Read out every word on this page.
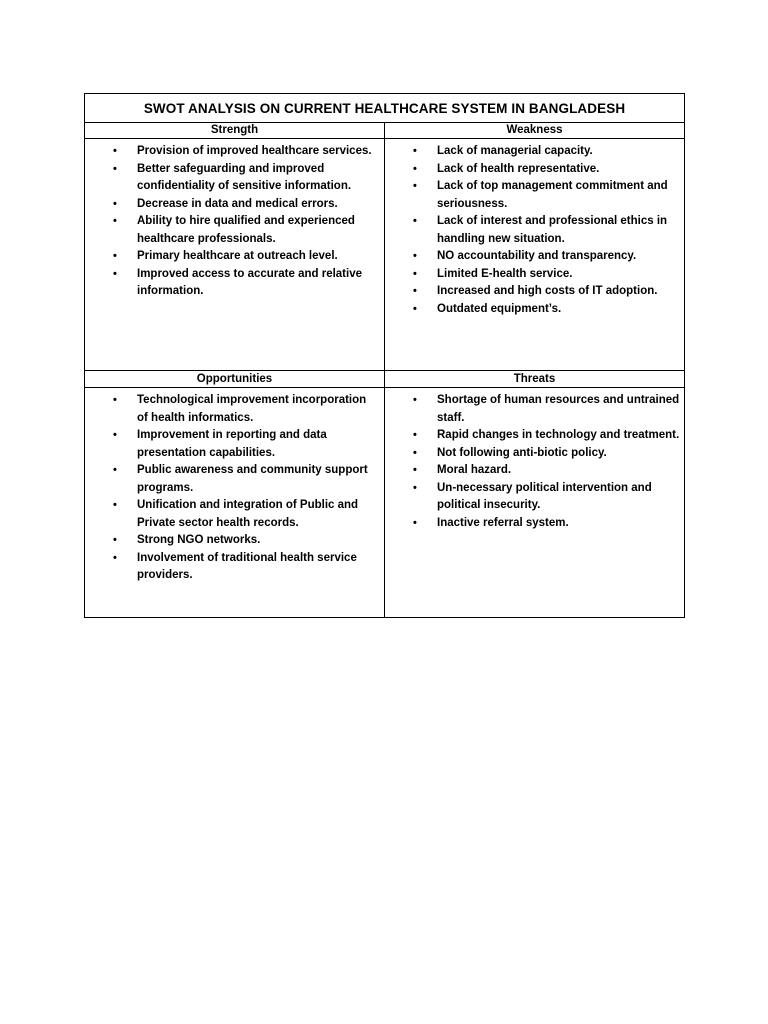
SWOT ANALYSIS ON CURRENT HEALTHCARE SYSTEM IN BANGLADESH
Strength	Weakness
• Provision of improved healthcare services.
• Better safeguarding and improved confidentiality of sensitive information.
• Decrease in data and medical errors.
• Ability to hire qualified and experienced healthcare professionals.
• Primary healthcare at outreach level.
• Improved access to accurate and relative information.
• Lack of managerial capacity.
• Lack of health representative.
• Lack of top management commitment and seriousness.
• Lack of interest and professional ethics in handling new situation.
• NO accountability and transparency.
• Limited E-health service.
• Increased and high costs of IT adoption.
• Outdated equipment’s.
Opportunities	Threats
• Technological improvement incorporation of health informatics.
• Improvement in reporting and data presentation capabilities.
• Public awareness and community support programs.
• Unification and integration of Public and Private sector health records.
• Strong NGO networks.
• Involvement of traditional health service providers.
• Shortage of human resources and untrained staff.
• Rapid changes in technology and treatment.
• Not following anti-biotic policy.
• Moral hazard.
• Un-necessary political intervention and political insecurity.
• Inactive referral system.
